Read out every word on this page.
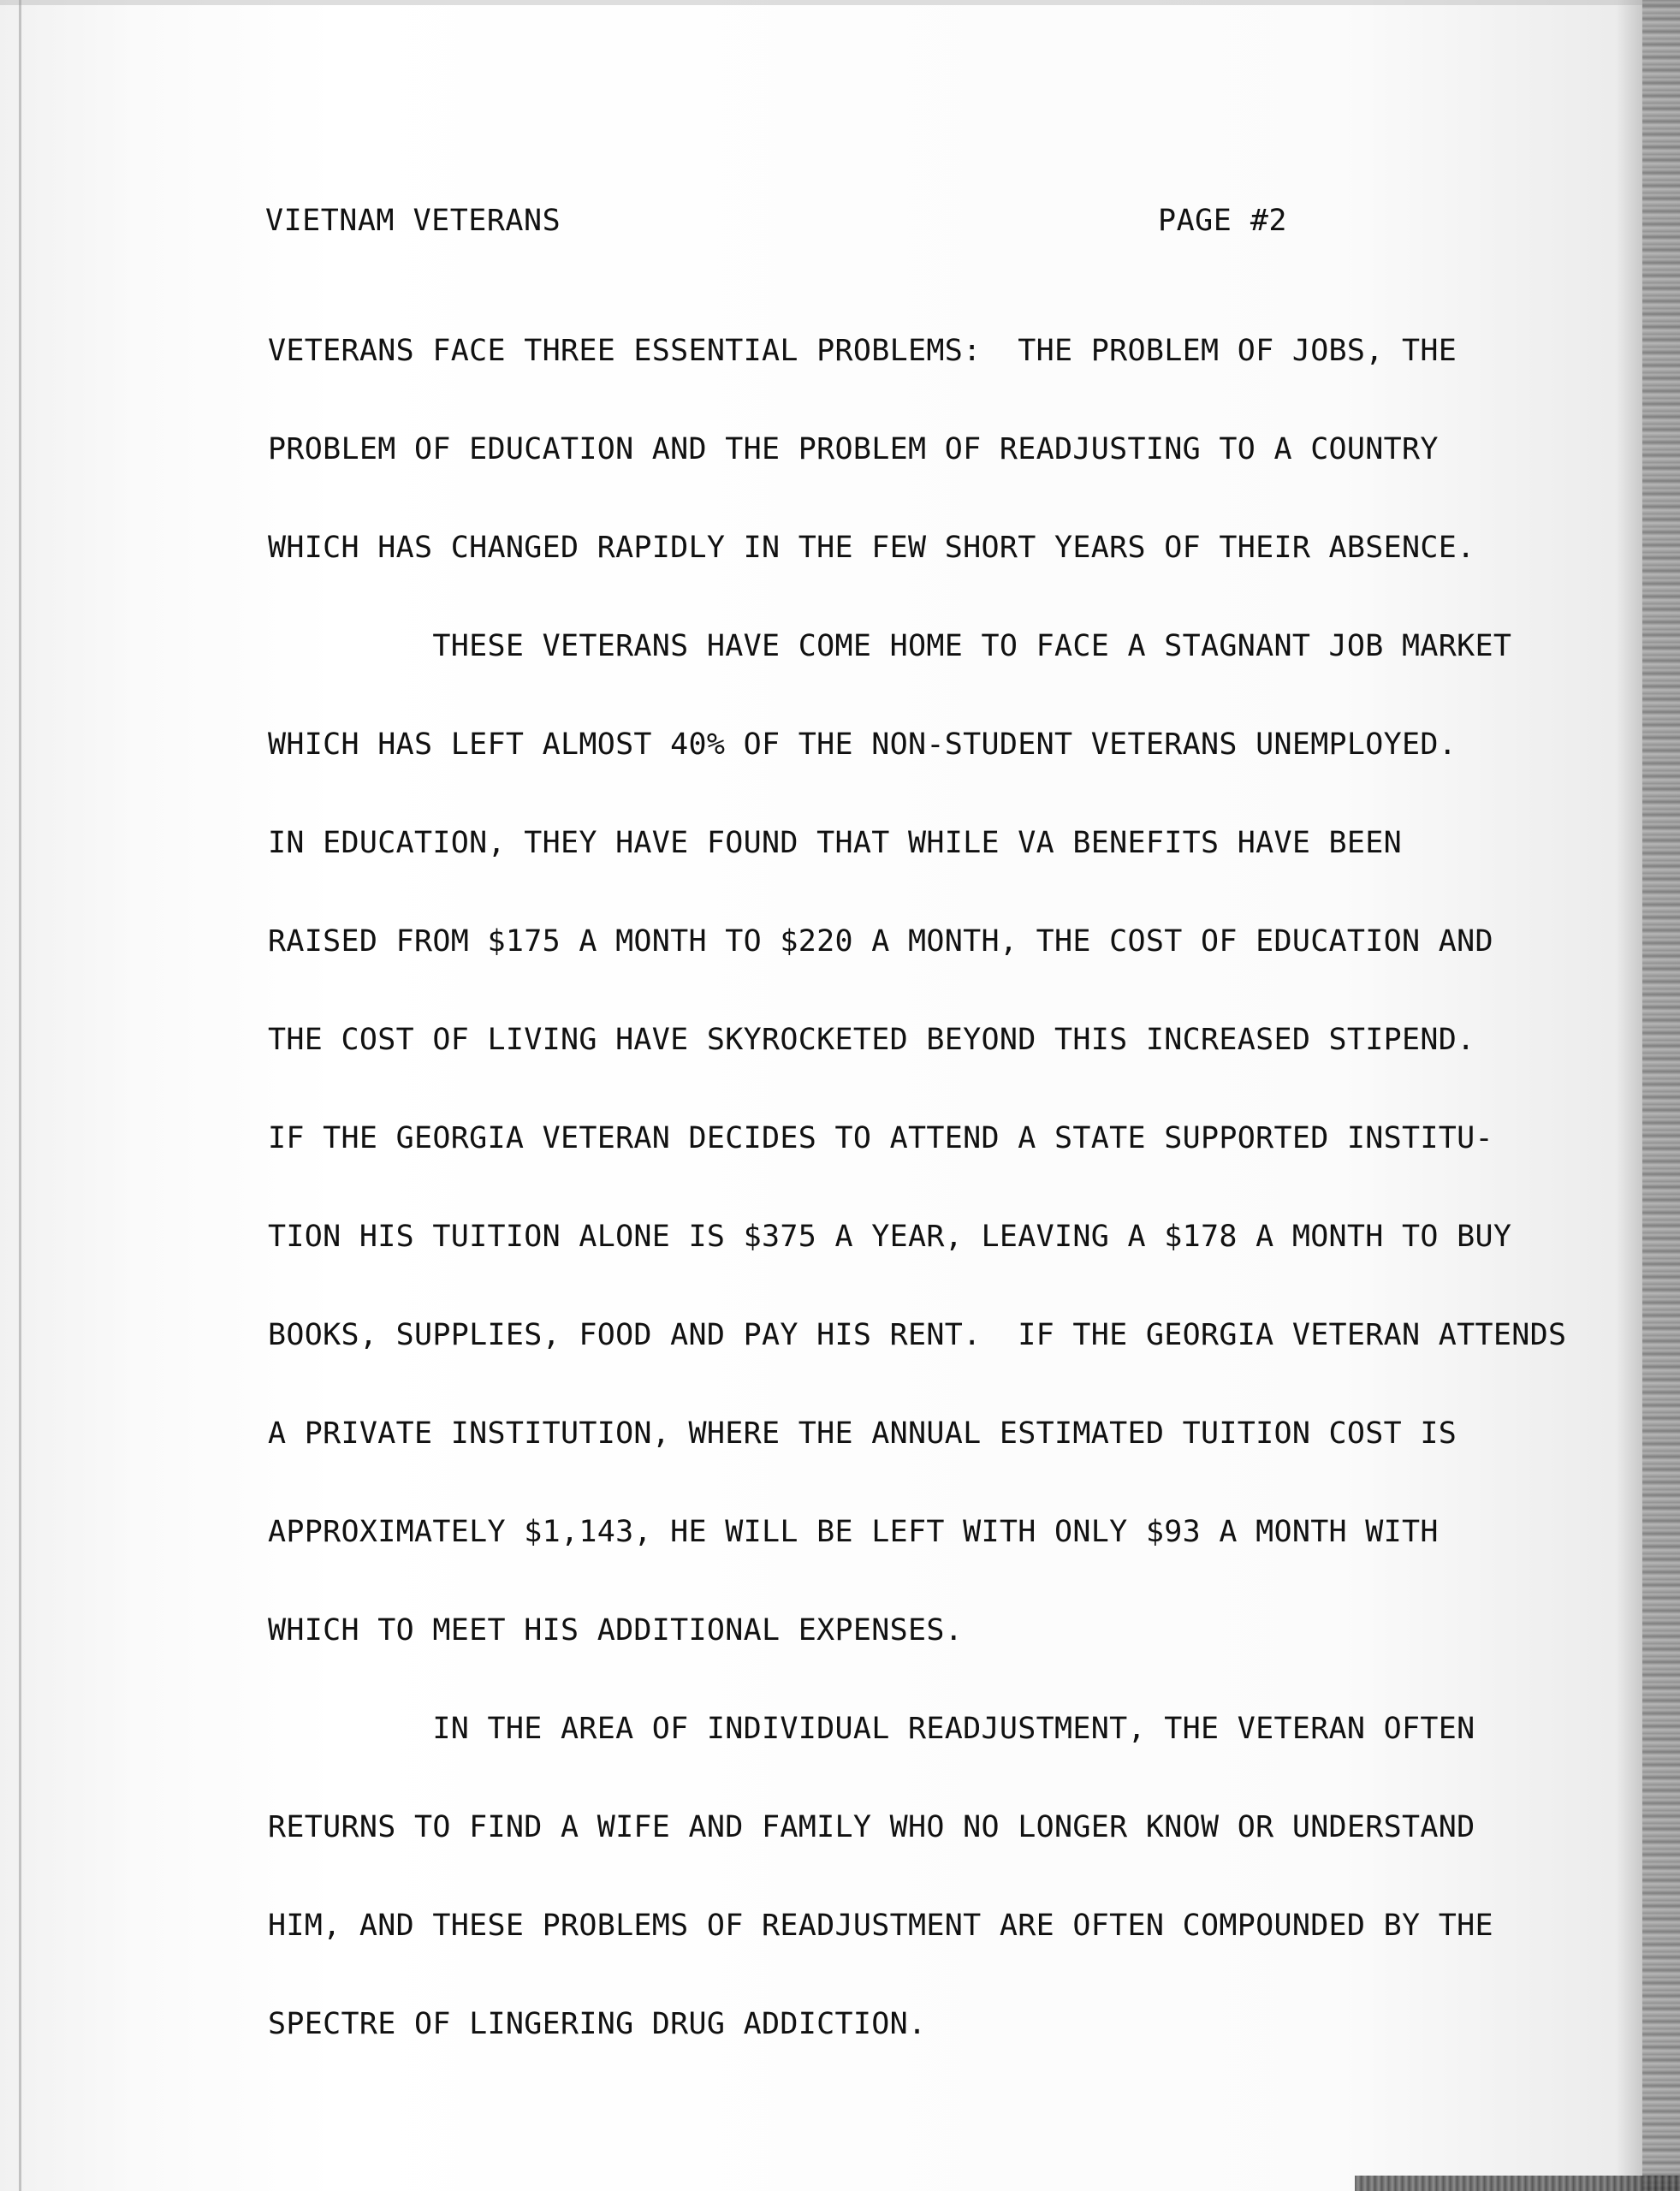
VIETNAM VETERANS	PAGE #2
VETERANS FACE THREE ESSENTIAL PROBLEMS:  THE PROBLEM OF JOBS, THE
PROBLEM OF EDUCATION AND THE PROBLEM OF READJUSTING TO A COUNTRY
WHICH HAS CHANGED RAPIDLY IN THE FEW SHORT YEARS OF THEIR ABSENCE.
THESE VETERANS HAVE COME HOME TO FACE A STAGNANT JOB MARKET
WHICH HAS LEFT ALMOST 40% OF THE NON-STUDENT VETERANS UNEMPLOYED.
IN EDUCATION, THEY HAVE FOUND THAT WHILE VA BENEFITS HAVE BEEN
RAISED FROM $175 A MONTH TO $220 A MONTH, THE COST OF EDUCATION AND
THE COST OF LIVING HAVE SKYROCKETED BEYOND THIS INCREASED STIPEND.
IF THE GEORGIA VETERAN DECIDES TO ATTEND A STATE SUPPORTED INSTITU-
TION HIS TUITION ALONE IS $375 A YEAR, LEAVING A $178 A MONTH TO BUY
BOOKS, SUPPLIES, FOOD AND PAY HIS RENT.  IF THE GEORGIA VETERAN ATTENDS
A PRIVATE INSTITUTION, WHERE THE ANNUAL ESTIMATED TUITION COST IS
APPROXIMATELY $1,143, HE WILL BE LEFT WITH ONLY $93 A MONTH WITH
WHICH TO MEET HIS ADDITIONAL EXPENSES.
IN THE AREA OF INDIVIDUAL READJUSTMENT, THE VETERAN OFTEN
RETURNS TO FIND A WIFE AND FAMILY WHO NO LONGER KNOW OR UNDERSTAND
HIM, AND THESE PROBLEMS OF READJUSTMENT ARE OFTEN COMPOUNDED BY THE
SPECTRE OF LINGERING DRUG ADDICTION.
